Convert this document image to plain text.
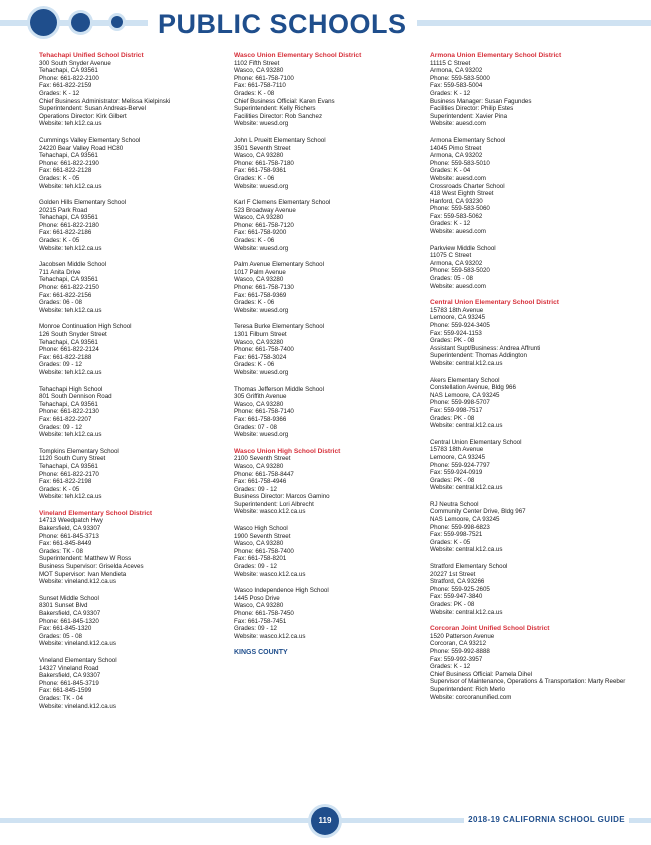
PUBLIC SCHOOLS
Tehachapi Unified School District
300 South Snyder Avenue
Tehachapi, CA 93561
Phone: 661-822-2100
Fax: 661-822-2159
Grades: K - 12
Chief Business Administrator: Melissa Kielpinski
Superintendent: Susan Andreas-Bervel
Operations Director: Kirk Gilbert
Website: teh.k12.ca.us
Cummings Valley Elementary School
24220 Bear Valley Road HC80
Tehachapi, CA 93561
Phone: 661-822-2190
Fax: 661-822-2128
Grades: K - 05
Website: teh.k12.ca.us
Golden Hills Elementary School
20215 Park Road
Tehachapi, CA 93561
Phone: 661-822-2180
Fax: 661-822-2186
Grades: K - 05
Website: teh.k12.ca.us
Jacobsen Middle School
711 Anita Drive
Tehachapi, CA 93561
Phone: 661-822-2150
Fax: 661-822-2156
Grades: 06 - 08
Website: teh.k12.ca.us
Monroe Continuation High School
126 South Snyder Street
Tehachapi, CA 93561
Phone: 661-822-2124
Fax: 661-822-2188
Grades: 09 - 12
Website: teh.k12.ca.us
Tehachapi High School
801 South Dennison Road
Tehachapi, CA 93561
Phone: 661-822-2130
Fax: 661-822-2207
Grades: 09 - 12
Website: teh.k12.ca.us
Tompkins Elementary School
1120 South Curry Street
Tehachapi, CA 93561
Phone: 661-822-2170
Fax: 661-822-2198
Grades: K - 05
Website: teh.k12.ca.us
Vineland Elementary School District
14713 Weedpatch Hwy
Bakersfield, CA 93307
Phone: 661-845-3713
Fax: 661-845-8449
Grades: TK - 08
Superintendent: Matthew W Ross
Business Supervisor: Griselda Aceves
MOT Supervisor: Ivan Mendieta
Website: vineland.k12.ca.us
Sunset Middle School
8301 Sunset Blvd
Bakersfield, CA 93307
Phone: 661-845-1320
Fax: 661-845-1320
Grades: 05 - 08
Website: vineland.k12.ca.us
Vineland Elementary School
14327 Vineland Road
Bakersfield, CA 93307
Phone: 661-845-3719
Fax: 661-845-1599
Grades: TK - 04
Website: vineland.k12.ca.us
Wasco Union Elementary School District
1102 Fifth Street
Wasco, CA 93280
Phone: 661-758-7100
Fax: 661-758-7110
Grades: K - 08
Chief Business Official: Karen Evans
Superintendent: Kelly Richers
Facilities Director: Rob Sanchez
Website: wuesd.org
John L Prueitt Elementary School
3501 Seventh Street
Wasco, CA 93280
Phone: 661-758-7180
Fax: 661-758-9361
Grades: K - 06
Website: wuesd.org
Karl F Clemens Elementary School
523 Broadway Avenue
Wasco, CA 93280
Phone: 661-758-7120
Fax: 661-758-9200
Grades: K - 06
Website: wuesd.org
Palm Avenue Elementary School
1017 Palm Avenue
Wasco, CA 93280
Phone: 661-758-7130
Fax: 661-758-9369
Grades: K - 06
Website: wuesd.org
Teresa Burke Elementary School
1301 Filburn Street
Wasco, CA 93280
Phone: 661-758-7400
Fax: 661-758-3024
Grades: K - 06
Website: wuesd.org
Thomas Jefferson Middle School
305 Griffith Avenue
Wasco, CA 93280
Phone: 661-758-7140
Fax: 661-758-9366
Grades: 07 - 08
Website: wuesd.org
Wasco Union High School District
2100 Seventh Street
Wasco, CA 93280
Phone: 661-758-8447
Fax: 661-758-4946
Grades: 09 - 12
Business Director: Marcos Gamino
Superintendent: Lori Albrecht
Website: wasco.k12.ca.us
Wasco High School
1900 Seventh Street
Wasco, CA 93280
Phone: 661-758-7400
Fax: 661-758-8201
Grades: 09 - 12
Website: wasco.k12.ca.us
Wasco Independence High School
1445 Poso Drive
Wasco, CA 93280
Phone: 661-758-7450
Fax: 661-758-7451
Grades: 09 - 12
Website: wasco.k12.ca.us
KINGS COUNTY
Armona Union Elementary School District
11115 C Street
Armona, CA 93202
Phone: 559-583-5000
Fax: 559-583-5004
Grades: K - 12
Business Manager: Susan Fagundes
Facilities Director: Philip Estes
Superintendent: Xavier Pina
Website: auesd.com
Armona Elementary School
14045 Pimo Street
Armona, CA 93202
Phone: 559-583-5010
Grades: K - 04
Website: auesd.com
Crossroads Charter School
418 West Eighth Street
Hanford, CA 93230
Phone: 559-583-5060
Fax: 559-583-5062
Grades: K - 12
Website: auesd.com
Parkview Middle School
11075 C Street
Armona, CA 93202
Phone: 559-583-5020
Grades: 05 - 08
Website: auesd.com
Central Union Elementary School District
15783 18th Avenue
Lemoore, CA 93245
Phone: 559-924-3405
Fax: 559-924-1153
Grades: PK - 08
Assistant Supt/Business: Andrea Affrunti
Superintendent: Thomas Addington
Website: central.k12.ca.us
Akers Elementary School
Constellation Avenue, Bldg 966
NAS Lemoore, CA 93245
Phone: 559-998-5707
Fax: 559-998-7517
Grades: PK - 08
Website: central.k12.ca.us
Central Union Elementary School
15783 18th Avenue
Lemoore, CA 93245
Phone: 559-924-7797
Fax: 559-924-0919
Grades: PK - 08
Website: central.k12.ca.us
RJ Neutra School
Community Center Drive, Bldg 967
NAS Lemoore, CA 93245
Phone: 559-998-6823
Fax: 559-998-7521
Grades: K - 05
Website: central.k12.ca.us
Stratford Elementary School
20227 1st Street
Stratford, CA 93266
Phone: 559-925-2605
Fax: 559-947-3840
Grades: PK - 08
Website: central.k12.ca.us
Corcoran Joint Unified School District
1520 Patterson Avenue
Corcoran, CA 93212
Phone: 559-992-8888
Fax: 559-992-3957
Grades: K - 12
Chief Business Official: Pamela Dihel
Supervisor of Maintenance, Operations & Transportation: Marty Reeber
Superintendent: Rich Merlo
Website: corcoranunified.com
119	2018-19 CALIFORNIA SCHOOL GUIDE
